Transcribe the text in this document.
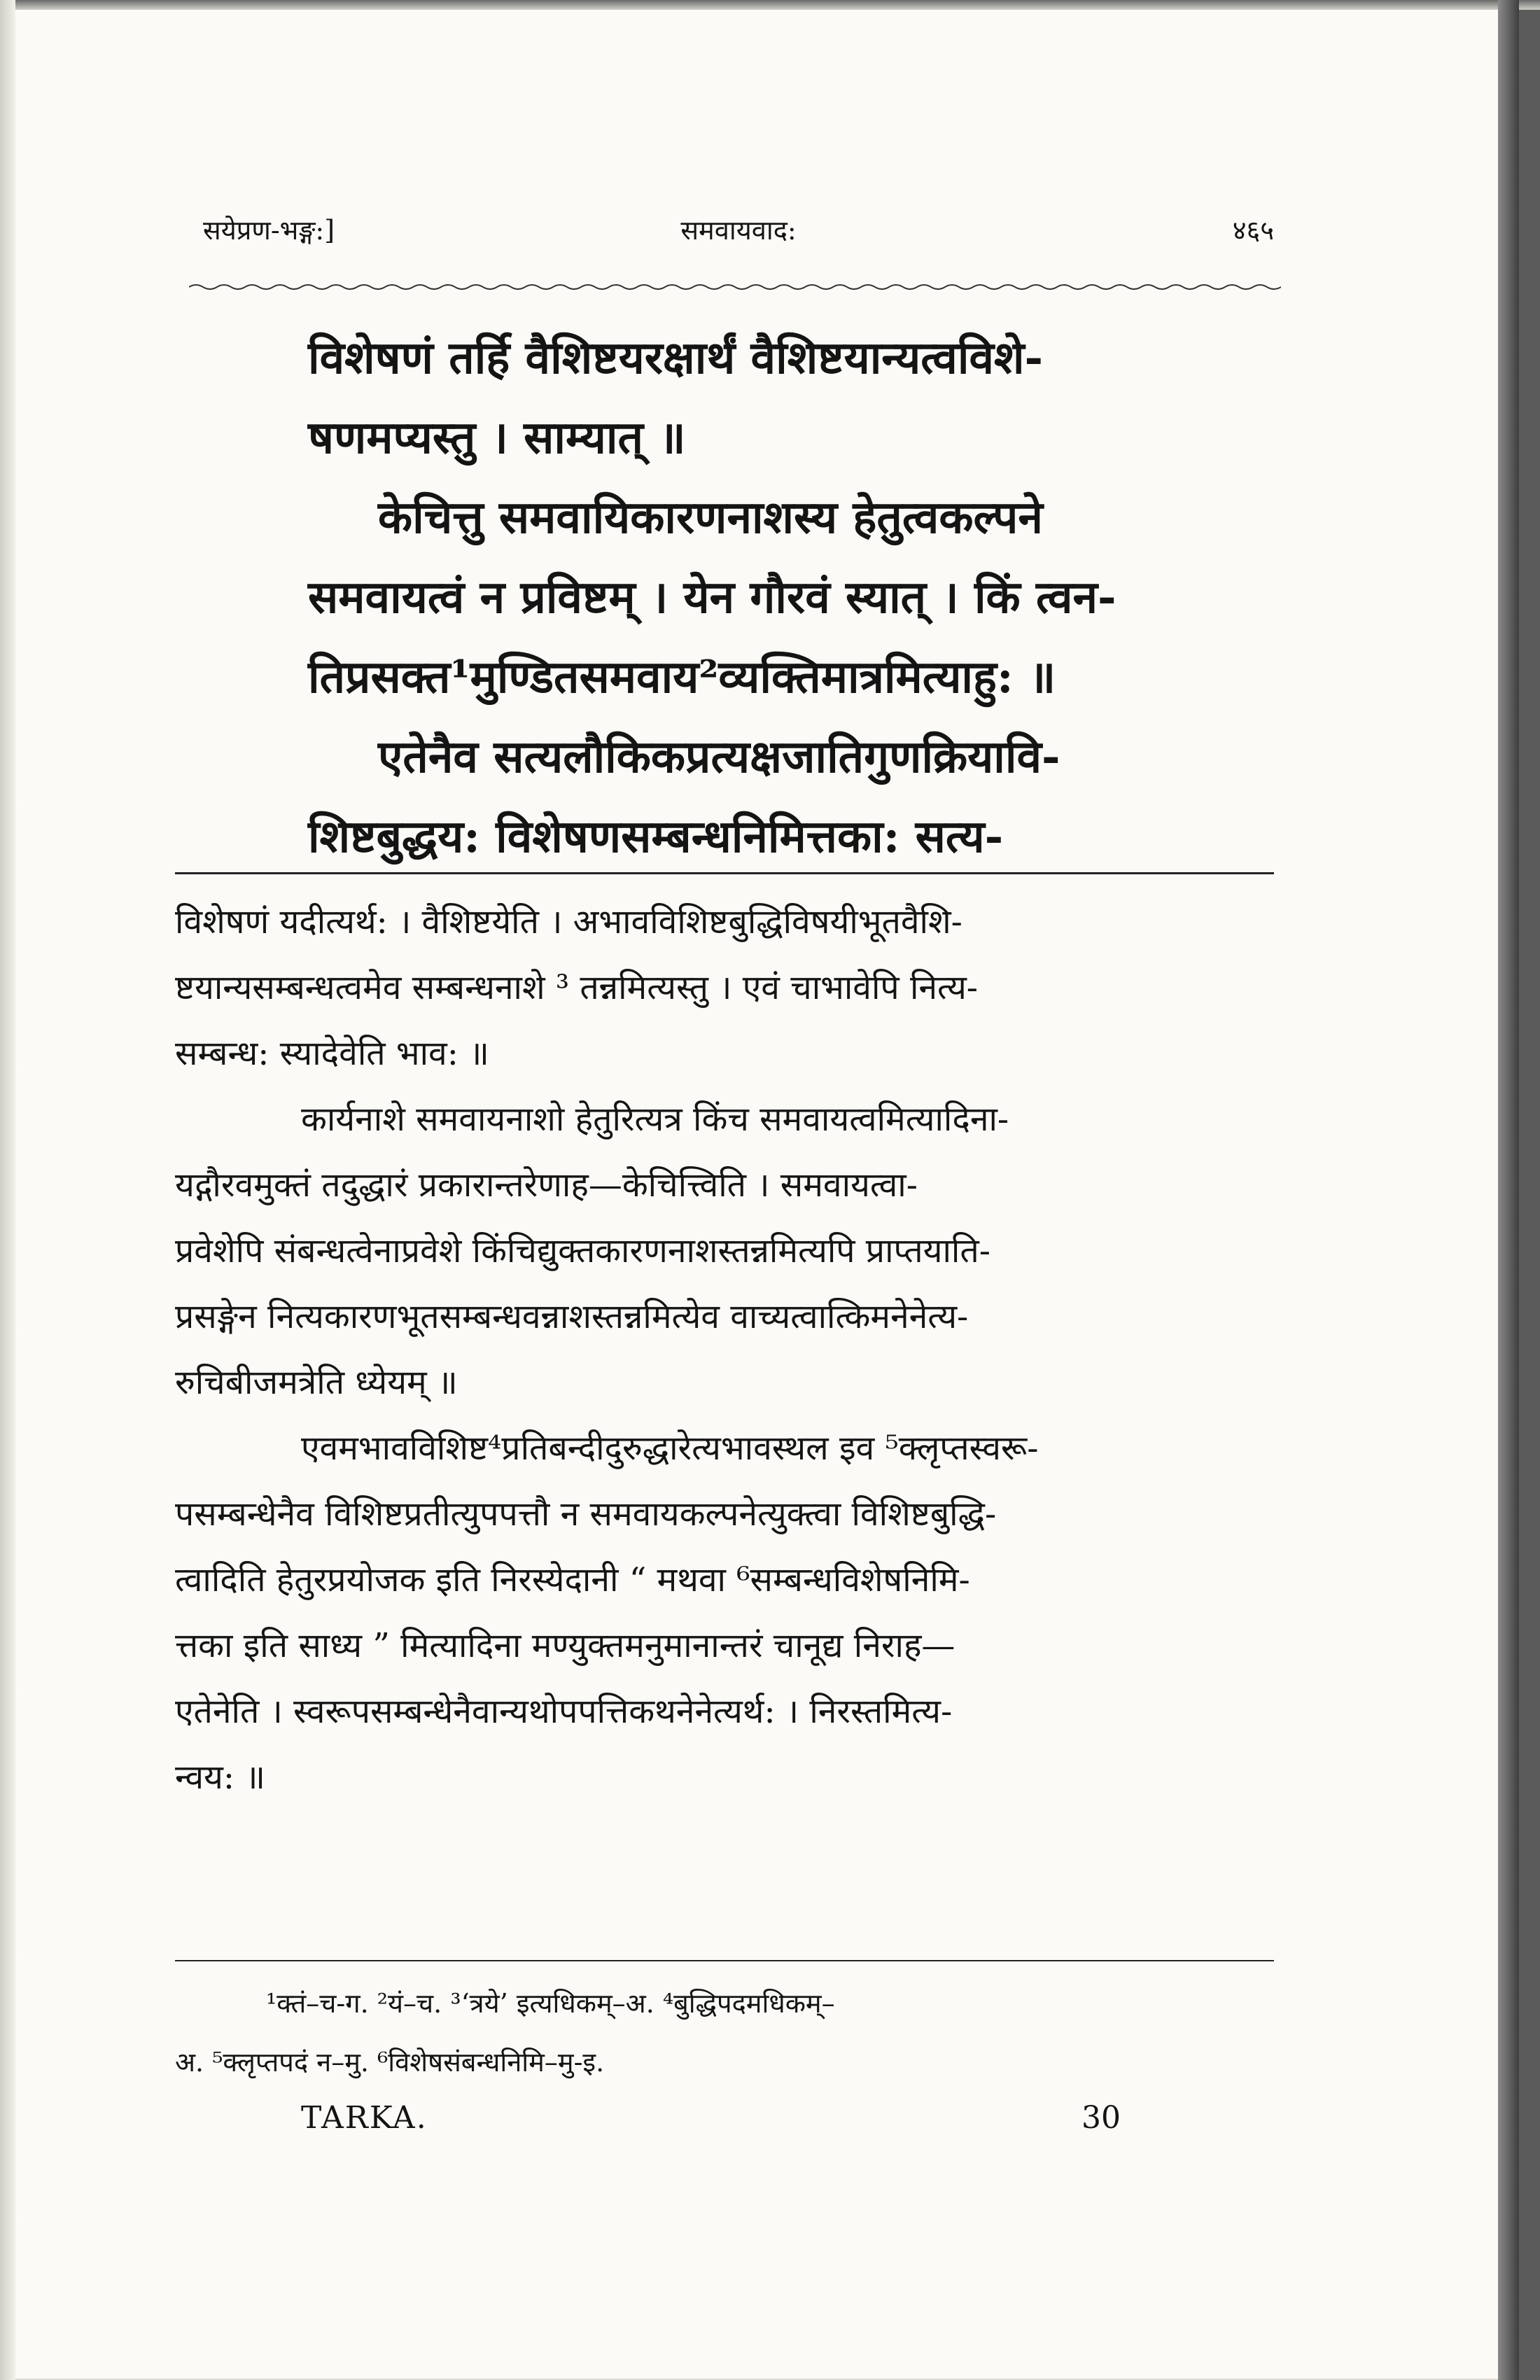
सयेप्रण-भङ्ग:]	समवायवाद:	४६५
विशेषणं तर्हि वैशिष्टयरक्षार्थं वैशिष्टयान्यत्वविशे-
षणमप्यस्तु । साम्यात् ॥
केचित्तु समवायिकारणनाशस्य हेतुत्वकल्पने
समवायत्वं न प्रविष्टम् । येन गौरवं स्यात् । किं त्वन-
तिप्रसक्त¹मुण्डितसमवाय²व्यक्तिमात्रमित्याहु: ॥
एतेनैव सत्यलौकिकप्रत्यक्षजातिगुणक्रियावि-
शिष्टबुद्धय: विशेषणसम्बन्धनिमित्तका: सत्य-
विशेषणं यदीत्यर्थ: । वैशिष्टयेति । अभावविशिष्टबुद्धिविषयीभूतवैशि-
ष्टयान्यसम्बन्धत्वमेव सम्बन्धनाशे ³ तन्नमित्यस्तु । एवं चाभावेपि नित्य-
सम्बन्ध: स्यादेवेति भाव: ॥
कार्यनाशे समवायनाशो हेतुरित्यत्र किंच समवायत्वमित्यादिना-
यद्गौरवमुक्तं तदुद्धारं प्रकारान्तरेणाह—केचित्त्विति । समवायत्वा-
प्रवेशेपि संबन्धत्वेनाप्रवेशे किंचिद्युक्तकारणनाशस्तन्नमित्यपि प्राप्तयाति-
प्रसङ्गेन नित्यकारणभूतसम्बन्धवन्नाशस्तन्नमित्येव वाच्यत्वात्किमनेनेत्य-
रुचिबीजमत्रेति ध्येयम् ॥
एवमभावविशिष्ट⁴प्रतिबन्दीदुरुद्धारेत्यभावस्थल इव ⁵क्लृप्तस्वरू-
पसम्बन्धेनैव विशिष्टप्रतीत्युपपत्तौ न समवायकल्पनेत्युक्त्वा विशिष्टबुद्धि-
त्वादिति हेतुरप्रयोजक इति निरस्येदानी “ मथवा ⁶सम्बन्धविशेषनिमि-
त्तका इति साध्य ” मित्यादिना मण्युक्तमनुमानान्तरं चानूद्य निराह—
एतेनेति । स्वरूपसम्बन्धेनैवान्यथोपपत्तिकथनेनेत्यर्थ: । निरस्तमित्य-
न्वय: ॥
¹क्तं–च-ग. ²यं–च. ³‘त्रये’ इत्यधिकम्–अ. ⁴बुद्धिपदमधिकम्–
अ. ⁵क्लृप्तपदं न–मु. ⁶विशेषसंबन्धनिमि–मु-इ.
TARKA.	30
